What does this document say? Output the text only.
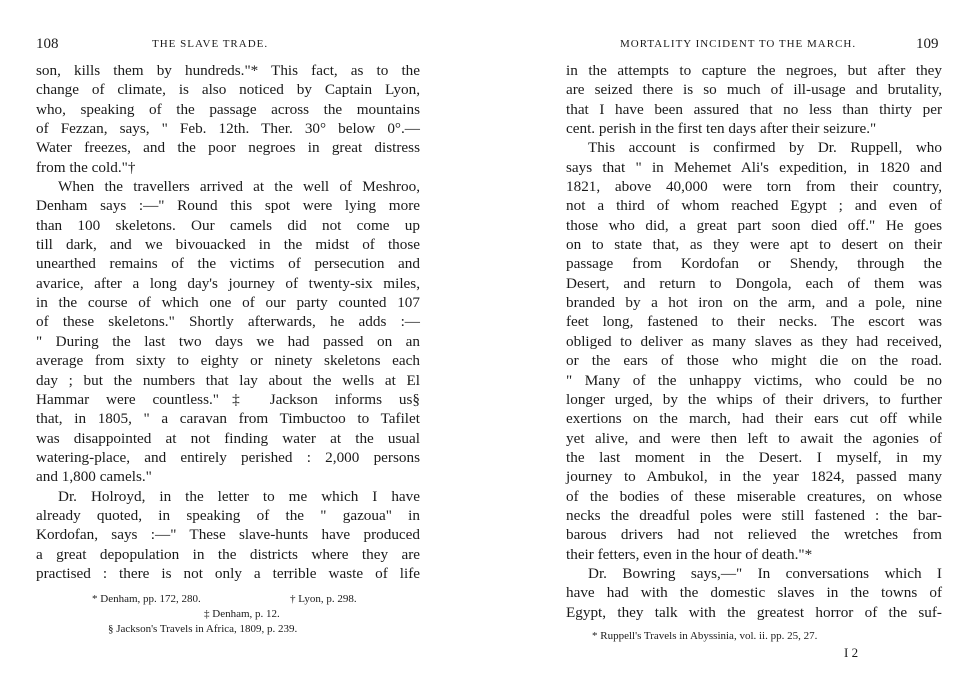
108	THE SLAVE TRADE.
son, kills them by hundreds."* This fact, as to the
change of climate, is also noticed by Captain Lyon,
who, speaking of the passage across the mountains
of Fezzan, says, " Feb. 12th. Ther. 30° below 0°.—
Water freezes, and the poor negroes in great distress
from the cold."†
When the travellers arrived at the well of Meshroo,
Denham says :—" Round this spot were lying more
than 100 skeletons. Our camels did not come up
till dark, and we bivouacked in the midst of those
unearthed remains of the victims of persecution and
avarice, after a long day's journey of twenty-six miles,
in the course of which one of our party counted 107
of these skeletons." Shortly afterwards, he adds :—
" During the last two days we had passed on an
average from sixty to eighty or ninety skeletons each
day ; but the numbers that lay about the wells at El
Hammar were countless."‡ Jackson informs us§
that, in 1805, " a caravan from Timbuctoo to Tafilet
was disappointed at not finding water at the usual
watering-place, and entirely perished : 2,000 persons
and 1,800 camels."
Dr. Holroyd, in the letter to me which I have
already quoted, in speaking of the " gazoua" in
Kordofan, says :—" These slave-hunts have produced
a great depopulation in the districts where they are
practised : there is not only a terrible waste of life
* Denham, pp. 172, 280.	† Lyon, p. 298.
‡ Denham, p. 12.
§ Jackson's Travels in Africa, 1809, p. 239.
MORTALITY INCIDENT TO THE MARCH.	109
in the attempts to capture the negroes, but after they
are seized there is so much of ill-usage and brutality,
that I have been assured that no less than thirty per
cent. perish in the first ten days after their seizure."
This account is confirmed by Dr. Ruppell, who
says that " in Mehemet Ali's expedition, in 1820 and
1821, above 40,000 were torn from their country,
not a third of whom reached Egypt ; and even of
those who did, a great part soon died off." He goes
on to state that, as they were apt to desert on their
passage from Kordofan or Shendy, through the
Desert, and return to Dongola, each of them was
branded by a hot iron on the arm, and a pole, nine
feet long, fastened to their necks. The escort was
obliged to deliver as many slaves as they had received,
or the ears of those who might die on the road.
" Many of the unhappy victims, who could be no
longer urged, by the whips of their drivers, to further
exertions on the march, had their ears cut off while
yet alive, and were then left to await the agonies of
the last moment in the Desert. I myself, in my
journey to Ambukol, in the year 1824, passed many
of the bodies of these miserable creatures, on whose
necks the dreadful poles were still fastened : the bar-
barous drivers had not relieved the wretches from
their fetters, even in the hour of death."*
Dr. Bowring says,—" In conversations which I
have had with the domestic slaves in the towns of
Egypt, they talk with the greatest horror of the suf-
* Ruppell's Travels in Abyssinia, vol. ii. pp. 25, 27.
I 2
